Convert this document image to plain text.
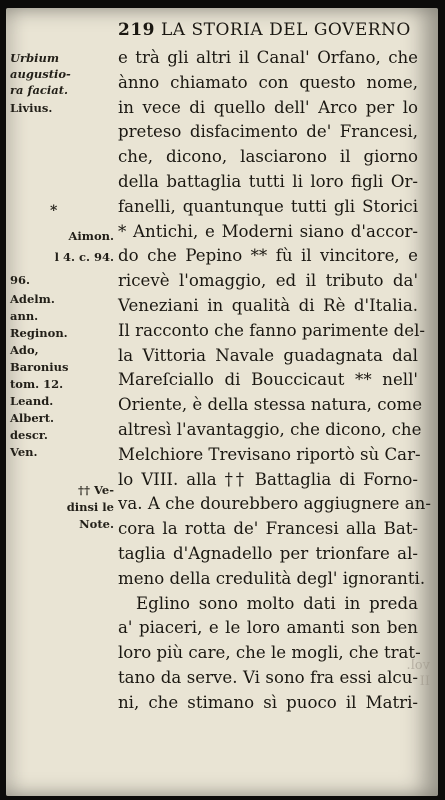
vol. II
219 LA STORIA DEL GOVERNO
e trà gli altri il Canal' Orfano, che
ànno chiamato con questo nome,
in vece di quello dell' Arco per lo
preteso disfacimento de' Francesi,
che, dicono, lasciarono il giorno
della battaglia tutti li loro figli Or-
fanelli, quantunque tutti gli Storici
* Antichi, e Moderni siano d'accor-
do che Pepino ** fù il vincitore, e
ricevè l'omaggio, ed il tributo da'
Veneziani in qualità di Rè d'Italia.
Il racconto che fanno parimente del-
la Vittoria Navale guadagnata dal
Mareſciallo di Bouccicaut ** nell'
Oriente, è della stessa natura, come
altresì l'avantaggio, che dicono, che
Melchiore Trevisano riportò sù Car-
lo VIII. alla †† Battaglia di Forno-
va. A che dourebbero aggiugnere an-
cora la rotta de' Francesi alla Bat-
taglia d'Agnadello per trionfare al-
meno della credulità degl' ignoranti.
Eglino sono molto dati in preda
a' piaceri, e le loro amanti son ben
loro più care, che le mogli, che trat-
tano da serve. Vi sono fra essi alcu-
ni, che stimano sì puoco il Matri-
Urbium
augustio-
ra faciat.
Livius.
*
Aimon.
l 4. c. 94.
96.
Adelm.
ann.
Reginon.
Ado,
Baronius
tom. 12.
Leand.
Albert.
descr.
Ven.
†† Ve-
dinsi le
Note.
